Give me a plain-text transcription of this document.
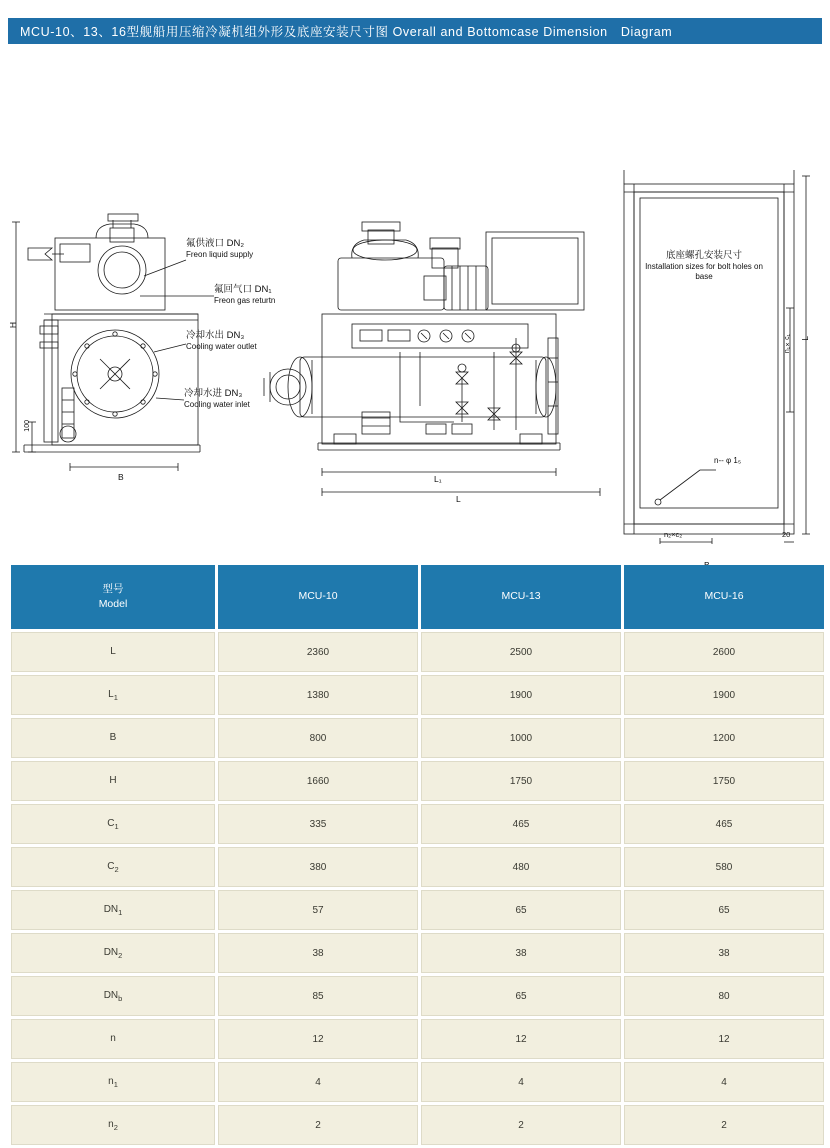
MCU-10、13、16型舰船用压缩冷凝机组外形及底座安装尺寸图 Overall and Bottomcase Dimension　Diagram
氟供液口 DN₂
Freon liquid supply
氟回气口 DN₁
Freon gas returtn
冷却水出 DN₃
Cooling water outlet
冷却水进 DN₃
Cooling water inlet
底座螺孔安装尺寸
Installation sizes for bolt holes on base
H
100
B	L₁
L
L
n₁×c₁
n₂×c₂	20
n-- φ 1₅
型号
Model	MCU-10	MCU-13	MCU-16
L	2360	2500	2600
$L_1$	1380	1900	1900
B	800	1000	1200
H	1660	1750	1750
$C_1$	335	465	465
$C_2$	380	480	580
$DN_1$	57	65	65
$DN_2$	38	38	38
$DN_b$	85	65	80
n	12	12	12
$n_1$	4	4	4
$n_2$	2	2	2
